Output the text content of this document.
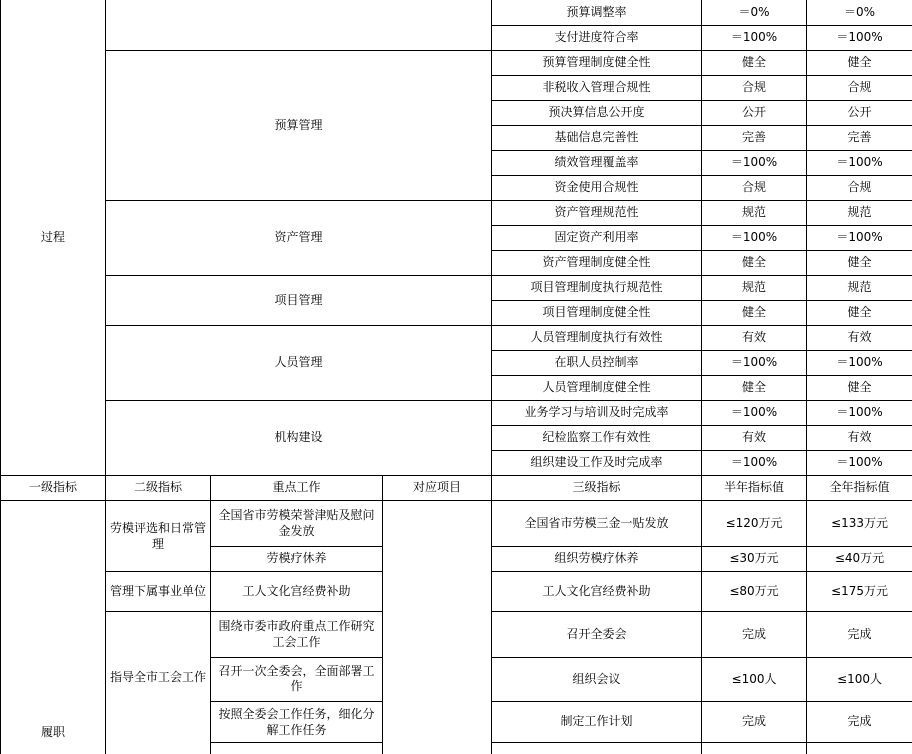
过程				预算调整率	＝0%	＝0%
				支付进度符合率	＝100%	＝100%
	预算管理			预算管理制度健全性	健全	健全
				非税收入管理合规性	合规	合规
				预决算信息公开度	公开	公开
				基础信息完善性	完善	完善
				绩效管理覆盖率	＝100%	＝100%
				资金使用合规性	合规	合规
	资产管理			资产管理规范性	规范	规范
				固定资产利用率	＝100%	＝100%
				资产管理制度健全性	健全	健全
	项目管理			项目管理制度执行规范性	规范	规范
				项目管理制度健全性	健全	健全
	人员管理			人员管理制度执行有效性	有效	有效
				在职人员控制率	＝100%	＝100%
				人员管理制度健全性	健全	健全
	机构建设			业务学习与培训及时完成率	＝100%	＝100%
				纪检监察工作有效性	有效	有效
				组织建设工作及时完成率	＝100%	＝100%
一级指标	二级指标	重点工作	对应项目	三级指标	半年指标值	全年指标值
履职	劳模评选和日常管理	全国省市劳模荣誉津贴及慰问金发放		全国省市劳模三金一贴发放	≤120万元	≤133万元
		劳模疗休养		组织劳模疗休养	≤30万元	≤40万元
	管理下属事业单位	工人文化宫经费补助		工人文化宫经费补助	≤80万元	≤175万元
	指导全市工会工作	围绕市委市政府重点工作研究工会工作		召开全委会	完成	完成
		召开一次全委会，全面部署工作		组织会议	≤100人	≤100人
		按照全委会工作任务，细化分解工作任务		制定工作计划	完成	完成
